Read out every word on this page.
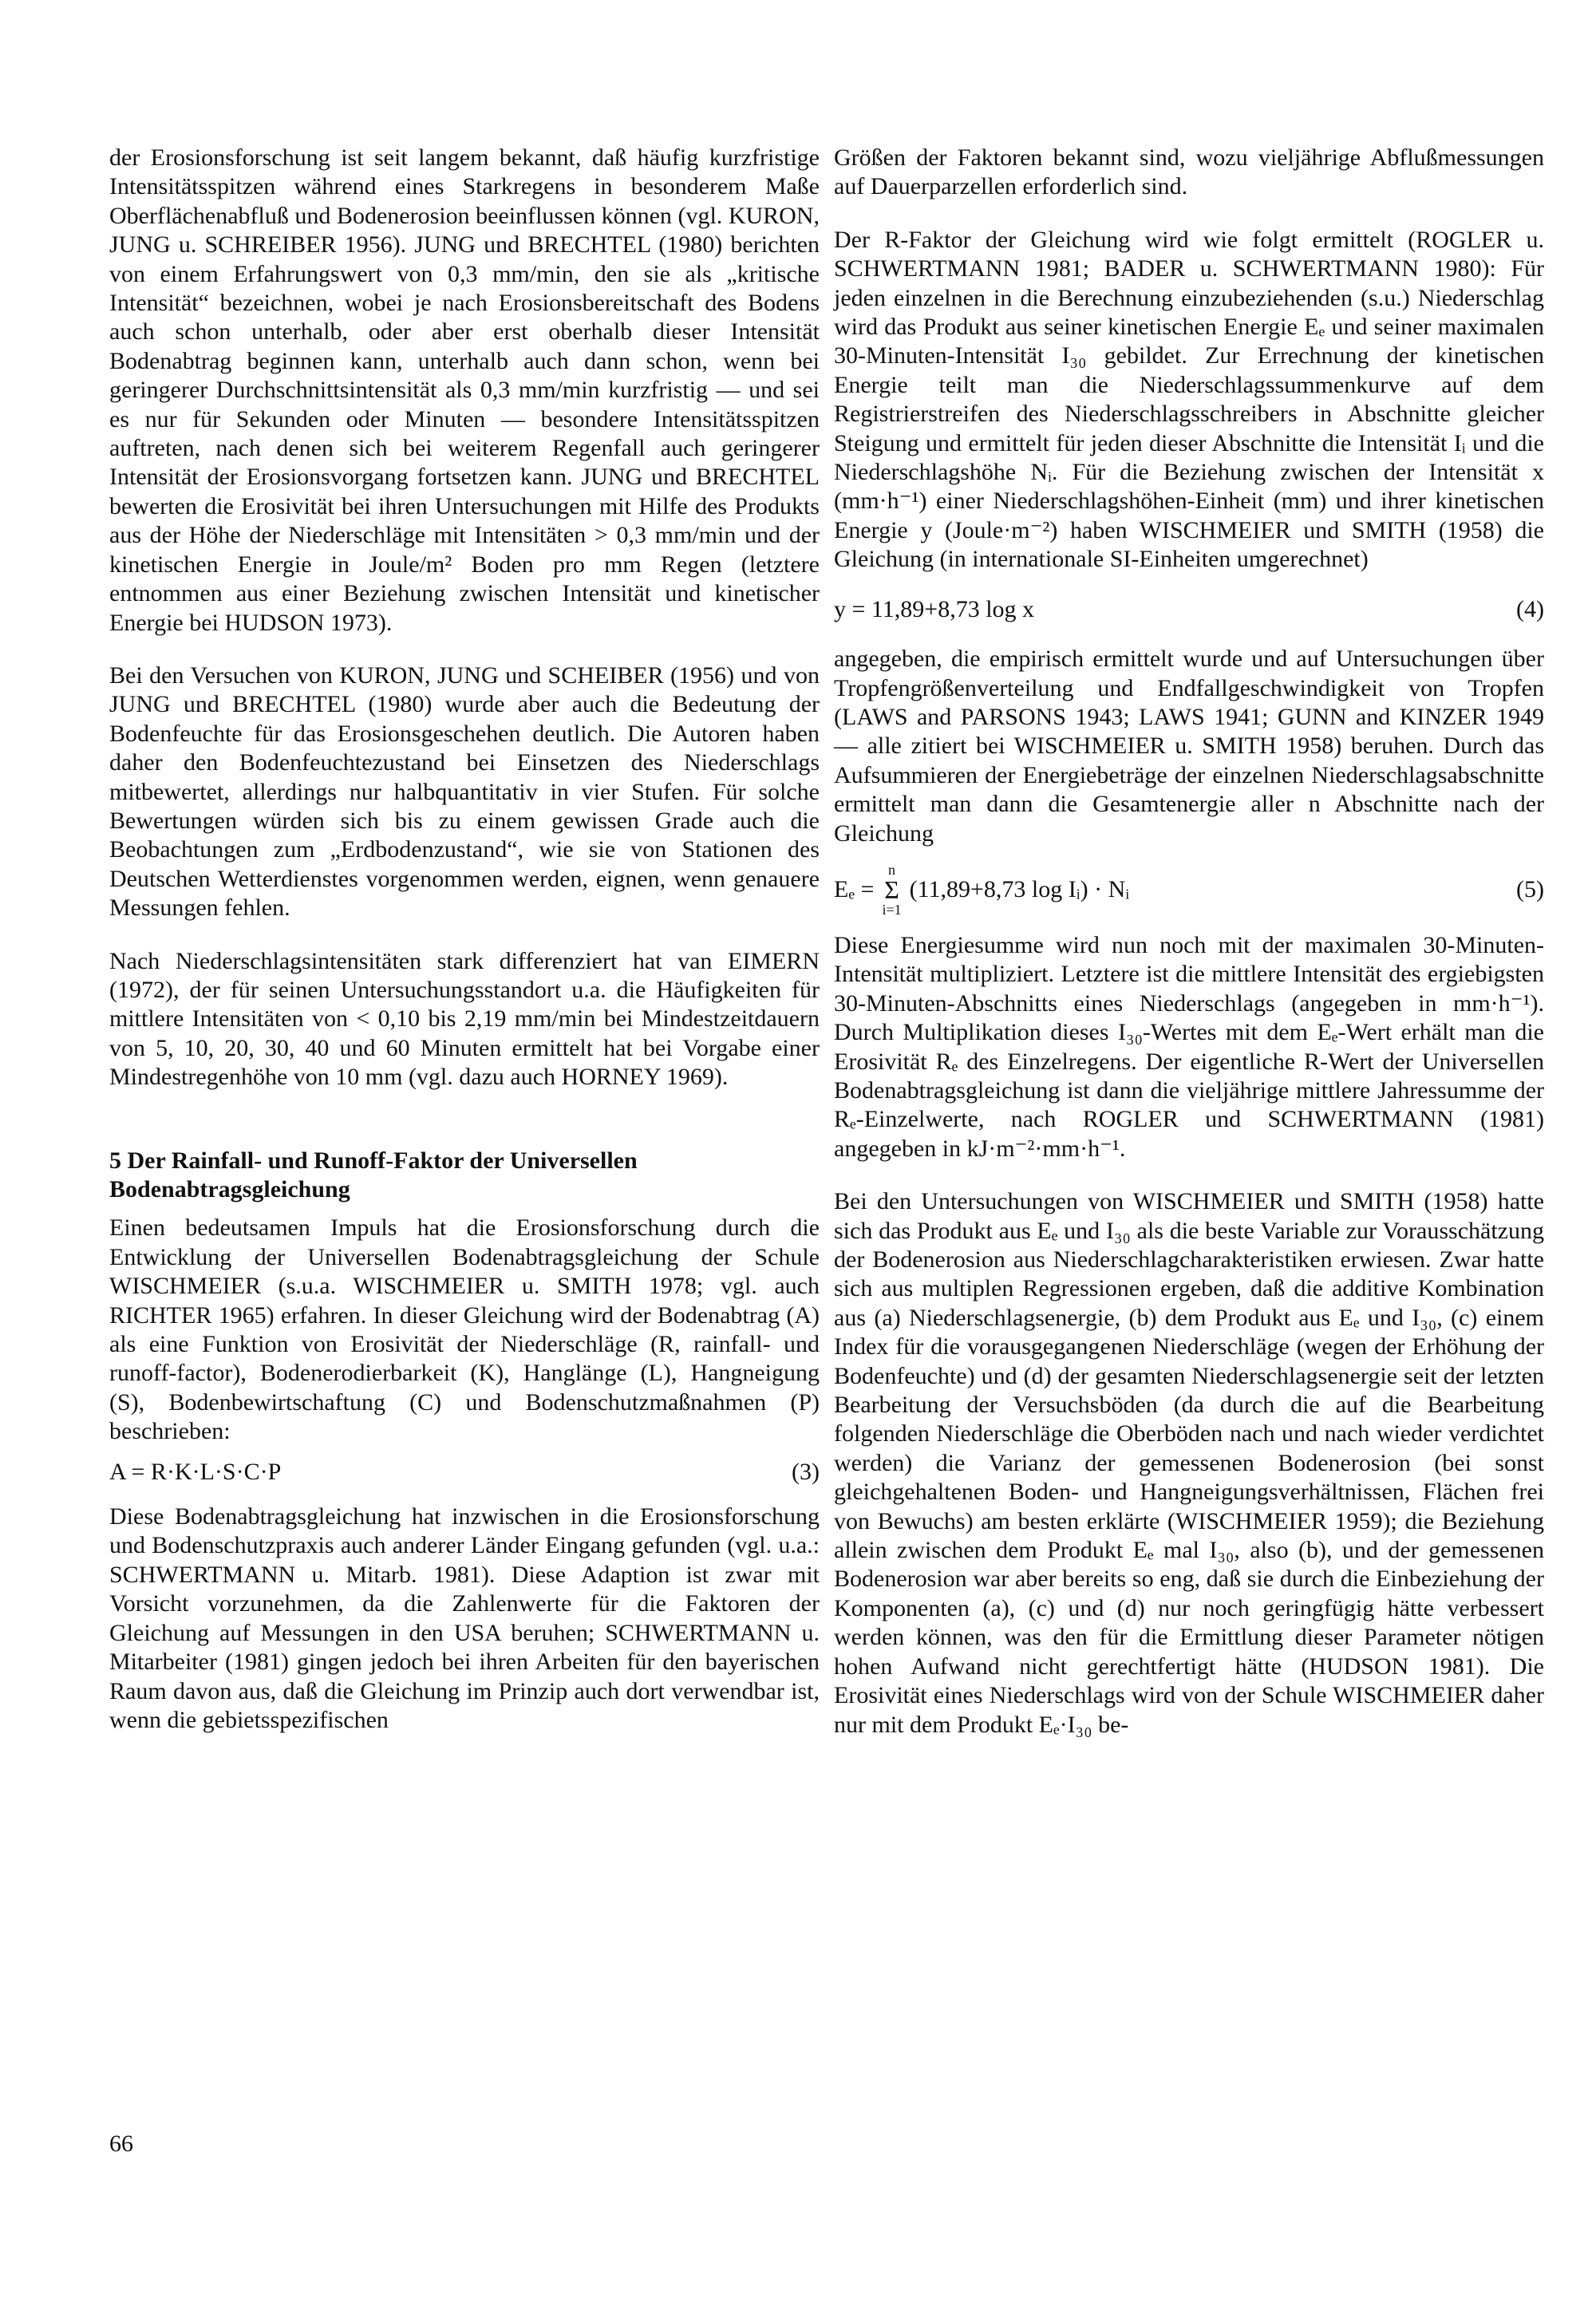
der Erosionsforschung ist seit langem bekannt, daß häufig kurzfristige Intensitätsspitzen während eines Starkregens in besonderem Maße Oberflächenabfluß und Bodenerosion beeinflussen können (vgl. KURON, JUNG u. SCHREIBER 1956). JUNG und BRECHTEL (1980) berichten von einem Erfahrungswert von 0,3 mm/min, den sie als „kritische Intensität“ bezeichnen, wobei je nach Erosionsbereitschaft des Bodens auch schon unterhalb, oder aber erst oberhalb dieser Intensität Bodenabtrag beginnen kann, unterhalb auch dann schon, wenn bei geringerer Durchschnittsintensität als 0,3 mm/min kurzfristig — und sei es nur für Sekunden oder Minuten — besondere Intensitätsspitzen auftreten, nach denen sich bei weiterem Regenfall auch geringerer Intensität der Erosionsvorgang fortsetzen kann. JUNG und BRECHTEL bewerten die Erosivität bei ihren Untersuchungen mit Hilfe des Produkts aus der Höhe der Niederschläge mit Intensitäten > 0,3 mm/min und der kinetischen Energie in Joule/m² Boden pro mm Regen (letztere entnommen aus einer Beziehung zwischen Intensität und kinetischer Energie bei HUDSON 1973).

Bei den Versuchen von KURON, JUNG und SCHEIBER (1956) und von JUNG und BRECHTEL (1980) wurde aber auch die Bedeutung der Bodenfeuchte für das Erosionsgeschehen deutlich. Die Autoren haben daher den Bodenfeuchtezustand bei Einsetzen des Niederschlags mitbewertet, allerdings nur halbquantitativ in vier Stufen. Für solche Bewertungen würden sich bis zu einem gewissen Grade auch die Beobachtungen zum „Erdbodenzustand“, wie sie von Stationen des Deutschen Wetterdienstes vorgenommen werden, eignen, wenn genauere Messungen fehlen.

Nach Niederschlagsintensitäten stark differenziert hat van EIMERN (1972), der für seinen Untersuchungsstandort u.a. die Häufigkeiten für mittlere Intensitäten von < 0,10 bis 2,19 mm/min bei Mindestzeitdauern von 5, 10, 20, 30, 40 und 60 Minuten ermittelt hat bei Vorgabe einer Mindestregenhöhe von 10 mm (vgl. dazu auch HORNEY 1969).

5 Der Rainfall- und Runoff-Faktor der Universellen Bodenabtragsgleichung

Einen bedeutsamen Impuls hat die Erosionsforschung durch die Entwicklung der Universellen Bodenabtragsgleichung der Schule WISCHMEIER (s.u.a. WISCHMEIER u. SMITH 1978; vgl. auch RICHTER 1965) erfahren. In dieser Gleichung wird der Bodenabtrag (A) als eine Funktion von Erosivität der Niederschläge (R, rainfall- und runoff-factor), Bodenerodierbarkeit (K), Hanglänge (L), Hangneigung (S), Bodenbewirtschaftung (C) und Bodenschutzmaßnahmen (P) beschrieben:

A = R·K·L·S·C·P	(3)

Diese Bodenabtragsgleichung hat inzwischen in die Erosionsforschung und Bodenschutzpraxis auch anderer Länder Eingang gefunden (vgl. u.a.: SCHWERTMANN u. Mitarb. 1981). Diese Adaption ist zwar mit Vorsicht vorzunehmen, da die Zahlenwerte für die Faktoren der Gleichung auf Messungen in den USA beruhen; SCHWERTMANN u. Mitarbeiter (1981) gingen jedoch bei ihren Arbeiten für den bayerischen Raum davon aus, daß die Gleichung im Prinzip auch dort verwendbar ist, wenn die gebietsspezifischen

Größen der Faktoren bekannt sind, wozu vieljährige Abflußmessungen auf Dauerparzellen erforderlich sind.

Der R-Faktor der Gleichung wird wie folgt ermittelt (ROGLER u. SCHWERTMANN 1981; BADER u. SCHWERTMANN 1980): Für jeden einzelnen in die Berechnung einzubeziehenden (s.u.) Niederschlag wird das Produkt aus seiner kinetischen Energie Eₑ und seiner maximalen 30-Minuten-Intensität I₃₀ gebildet. Zur Errechnung der kinetischen Energie teilt man die Niederschlagssummenkurve auf dem Registrierstreifen des Niederschlagsschreibers in Abschnitte gleicher Steigung und ermittelt für jeden dieser Abschnitte die Intensität Iᵢ und die Niederschlagshöhe Nᵢ. Für die Beziehung zwischen der Intensität x (mm·h⁻¹) einer Niederschlagshöhen-Einheit (mm) und ihrer kinetischen Energie y (Joule·m⁻²) haben WISCHMEIER und SMITH (1958) die Gleichung (in internationale SI-Einheiten umgerechnet)

y = 11,89+8,73 log x	(4)

angegeben, die empirisch ermittelt wurde und auf Untersuchungen über Tropfengrößenverteilung und Endfallgeschwindigkeit von Tropfen (LAWS and PARSONS 1943; LAWS 1941; GUNN and KINZER 1949 — alle zitiert bei WISCHMEIER u. SMITH 1958) beruhen. Durch das Aufsummieren der Energiebeträge der einzelnen Niederschlagsabschnitte ermittelt man dann die Gesamtenergie aller n Abschnitte nach der Gleichung

Eₑ =
n
Σ
i=1
(11,89+8,73 log Iᵢ) · Nᵢ	(5)

Diese Energiesumme wird nun noch mit der maximalen 30-Minuten-Intensität multipliziert. Letztere ist die mittlere Intensität des ergiebigsten 30-Minuten-Abschnitts eines Niederschlags (angegeben in mm·h⁻¹). Durch Multiplikation dieses I₃₀-Wertes mit dem Eₑ-Wert erhält man die Erosivität Rₑ des Einzelregens. Der eigentliche R-Wert der Universellen Bodenabtragsgleichung ist dann die vieljährige mittlere Jahressumme der Rₑ-Einzelwerte, nach ROGLER und SCHWERTMANN (1981) angegeben in kJ·m⁻²·mm·h⁻¹.

Bei den Untersuchungen von WISCHMEIER und SMITH (1958) hatte sich das Produkt aus Eₑ und I₃₀ als die beste Variable zur Vorausschätzung der Bodenerosion aus Niederschlagcharakteristiken erwiesen. Zwar hatte sich aus multiplen Regressionen ergeben, daß die additive Kombination aus (a) Niederschlagsenergie, (b) dem Produkt aus Eₑ und I₃₀, (c) einem Index für die vorausgegangenen Niederschläge (wegen der Erhöhung der Bodenfeuchte) und (d) der gesamten Niederschlagsenergie seit der letzten Bearbeitung der Versuchsböden (da durch die auf die Bearbeitung folgenden Niederschläge die Oberböden nach und nach wieder verdichtet werden) die Varianz der gemessenen Bodenerosion (bei sonst gleichgehaltenen Boden- und Hangneigungsverhältnissen, Flächen frei von Bewuchs) am besten erklärte (WISCHMEIER 1959); die Beziehung allein zwischen dem Produkt Eₑ mal I₃₀, also (b), und der gemessenen Bodenerosion war aber bereits so eng, daß sie durch die Einbeziehung der Komponenten (a), (c) und (d) nur noch geringfügig hätte verbessert werden können, was den für die Ermittlung dieser Parameter nötigen hohen Aufwand nicht gerechtfertigt hätte (HUDSON 1981). Die Erosivität eines Niederschlags wird von der Schule WISCHMEIER daher nur mit dem Produkt Eₑ·I₃₀ be-

66
